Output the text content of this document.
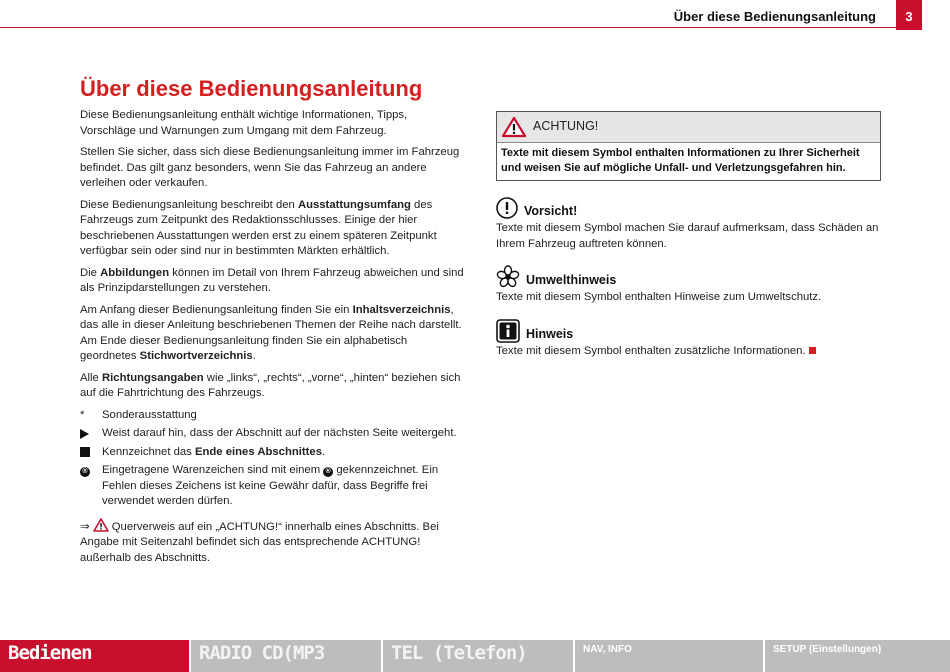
Über diese Bedienungsanleitung	3
Über diese Bedienungsanleitung

Diese Bedienungsanleitung enthält wichtige Informationen, Tipps, Vorschläge und Warnungen zum Umgang mit dem Fahrzeug.

Stellen Sie sicher, dass sich diese Bedienungsanleitung immer im Fahrzeug befindet. Das gilt ganz besonders, wenn Sie das Fahrzeug an andere verleihen oder verkaufen.

Diese Bedienungsanleitung beschreibt den Ausstattungsumfang des Fahrzeugs zum Zeitpunkt des Redaktionsschlusses. Einige der hier beschriebenen Ausstattungen werden erst zu einem späteren Zeitpunkt verfügbar sein oder sind nur in bestimmten Märkten erhältlich.

Die Abbildungen können im Detail von Ihrem Fahrzeug abweichen und sind als Prinzipdarstellungen zu verstehen.

Am Anfang dieser Bedienungsanleitung finden Sie ein Inhaltsverzeichnis, das alle in dieser Anleitung beschriebenen Themen der Reihe nach darstellt. Am Ende dieser Bedienungsanleitung finden Sie ein alphabetisch geordnetes Stichwortverzeichnis.

Alle Richtungsangaben wie „links“, „rechts“, „vorne“, „hinten“ beziehen sich auf die Fahrtrichtung des Fahrzeugs.

*	Sonderausstattung
Weist darauf hin, dass der Abschnitt auf der nächsten Seite weitergeht.
Kennzeichnet das Ende eines Abschnittes.
®	Eingetragene Warenzeichen sind mit einem ® gekennzeichnet. Ein Fehlen dieses Zeichens ist keine Gewähr dafür, dass Begriffe frei verwendet werden dürfen.

⇒  Querverweis auf ein „ACHTUNG!“ innerhalb eines Abschnitts. Bei Angabe mit Seitenzahl befindet sich das entsprechende ACHTUNG! außerhalb des Abschnitts.

ACHTUNG!
Texte mit diesem Symbol enthalten Informationen zu Ihrer Sicherheit und weisen Sie auf mögliche Unfall- und Verletzungsgefahren hin.
Vorsicht!
Texte mit diesem Symbol machen Sie darauf aufmerksam, dass Schäden an Ihrem Fahrzeug auftreten können.
Umwelthinweis
Texte mit diesem Symbol enthalten Hinweise zum Umweltschutz.
Hinweis
Texte mit diesem Symbol enthalten zusätzliche Informationen.
Bedienen	RADIO CD(MP3	TEL (Telefon)	NAV, INFO	SETUP (Einstellungen)
